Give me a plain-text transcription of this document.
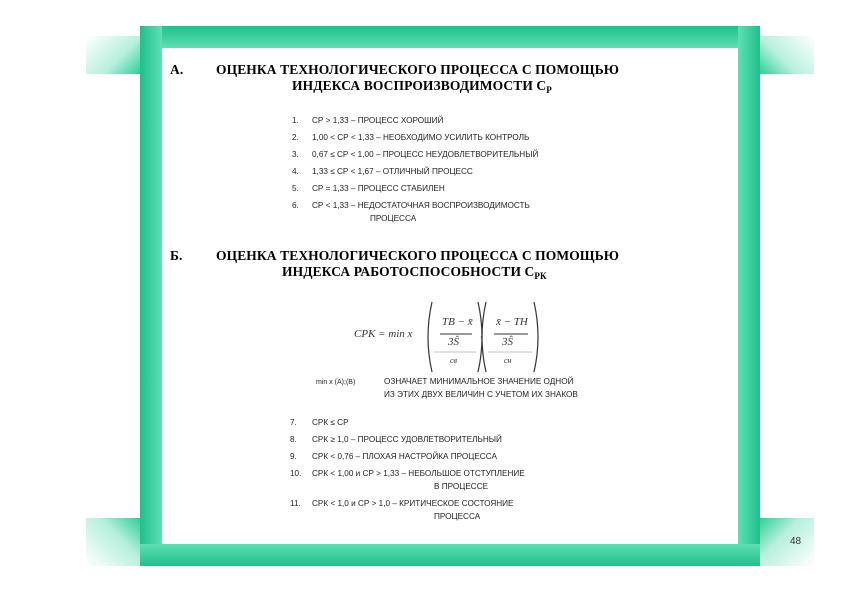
А. ОЦЕНКА ТЕХНОЛОГИЧЕСКОГО ПРОЦЕССА С ПОМОЩЬЮ
ИНДЕКСА ВОСПРОИЗВОДИМОСТИ $С_Р$
1.	CР > 1,33 – ПРОЦЕСС ХОРОШИЙ
2.	1,00 < CР < 1,33 – НЕОБХОДИМО УСИЛИТЬ КОНТРОЛЬ
3.	0,67 ≤ CР < 1,00 – ПРОЦЕСС НЕУДОВЛЕТВОРИТЕЛЬНЫЙ
4.	1,33 ≤ CР < 1,67 – ОТЛИЧНЫЙ ПРОЦЕСС
5.	CР = 1,33 – ПРОЦЕСС СТАБИЛЕН
6.	CР < 1,33 – НЕДОСТАТОЧНАЯ ВОСПРОИЗВОДИМОСТЬ
ПРОЦЕССА
Б. ОЦЕНКА ТЕХНОЛОГИЧЕСКОГО ПРОЦЕССА С ПОМОЩЬЮ
ИНДЕКСА РАБОТОСПОСОБНОСТИ $С_{РК}$
CРК = min x
TВ − x̄
3Ŝ
;
x̄ − TН
3Ŝ
cв	cн
min x (A);(B)	ОЗНАЧАЕТ МИНИМАЛЬНОЕ ЗНАЧЕНИЕ ОДНОЙ
ИЗ ЭТИХ ДВУХ ВЕЛИЧИН С УЧЕТОМ ИХ ЗНАКОВ
7.	CРК ≤ CР
8.	CРК ≥ 1,0 – ПРОЦЕСС УДОВЛЕТВОРИТЕЛЬНЫЙ
9.	CРК < 0,76 – ПЛОХАЯ НАСТРОЙКА ПРОЦЕССА
10.	CРК < 1,00 и CР > 1,33 – НЕБОЛЬШОЕ ОТСТУПЛЕНИЕ
В ПРОЦЕССЕ
11.	CРК < 1,0 и CР > 1,0 – КРИТИЧЕСКОЕ СОСТОЯНИЕ
ПРОЦЕССА
48
